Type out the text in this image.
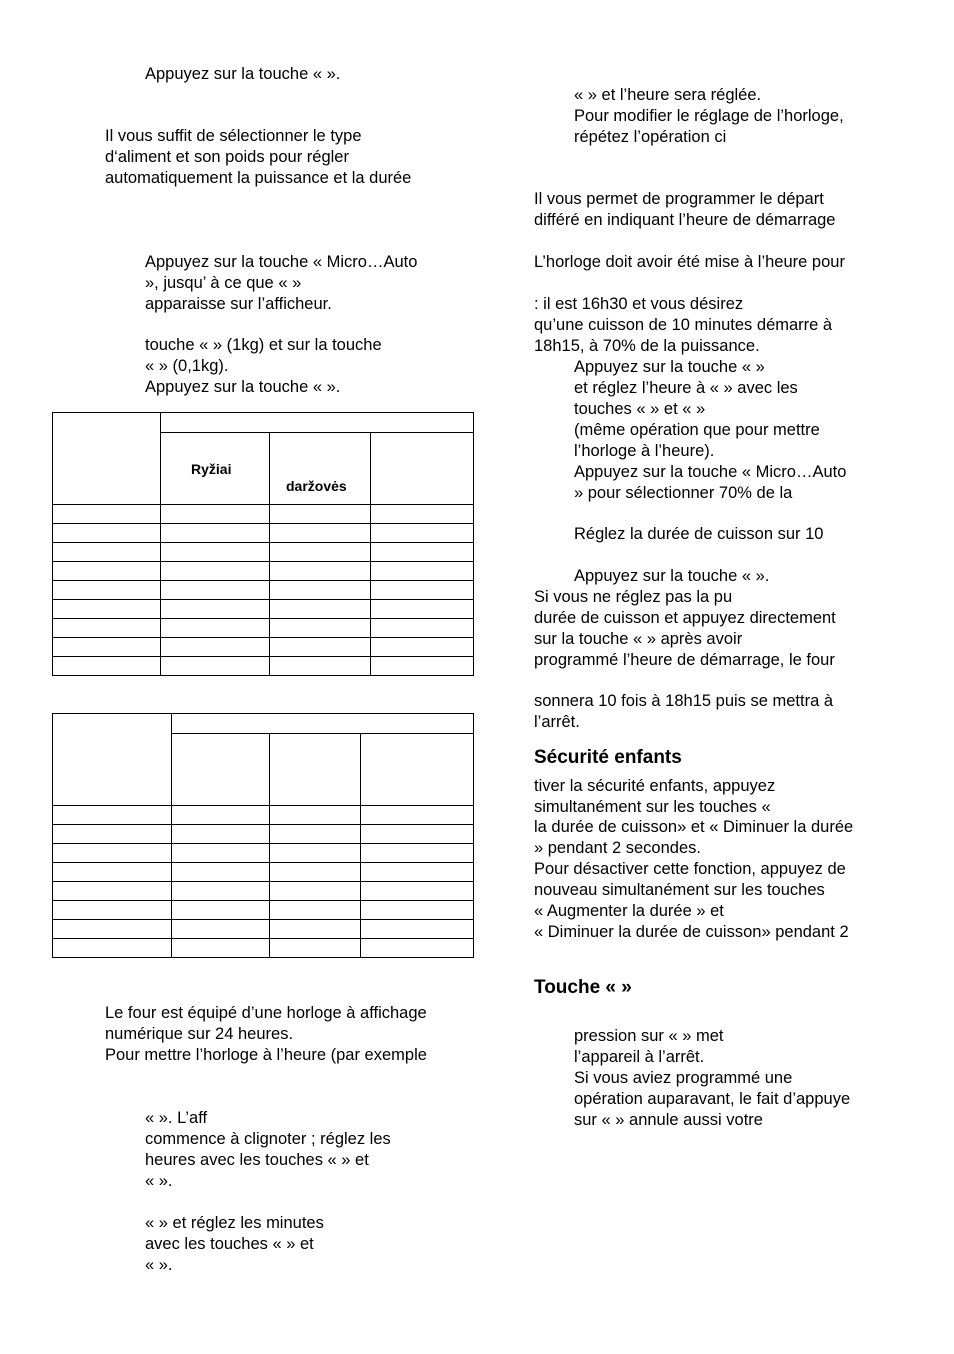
Appuyez sur la touche « ».
Il vous suffit de sélectionner le type
d‘aliment et son poids pour régler
automatiquement la puissance et la durée
Appuyez sur la touche « Micro…Auto
», jusqu’ à ce que « »
apparaisse sur l’afficheur.
touche « » (1kg) et sur la touche
« » (0,1kg).
Appuyez sur la touche « ».

	Ryžiai	daržovės	

Le four est équipé d’une horloge à affichage
numérique sur 24 heures.
Pour mettre l’horloge à l’heure (par exemple
« ». L’aff
commence à clignoter ; réglez les
heures avec les touches « » et
« ».
« » et réglez les minutes
avec les touches « » et
« ».
« » et l’heure sera réglée.
Pour modifier le réglage de l’horloge,
répétez l’opération ci
Il vous permet de programmer le départ
différé en indiquant l’heure de démarrage
L’horloge doit avoir été mise à l’heure pour
: il est 16h30 et vous désirez
qu’une cuisson de 10 minutes démarre à
18h15, à 70% de la puissance.
Appuyez sur la touche « »
et réglez l’heure à « » avec les
touches « » et « »
(même opération que pour mettre
l’horloge à l’heure).
Appuyez sur la touche « Micro…Auto
» pour sélectionner 70% de la
Réglez la durée de cuisson sur 10
Appuyez sur la touche « ».
Si vous ne réglez pas la pu
durée de cuisson et appuyez directement
sur la touche « » après avoir
programmé l’heure de démarrage, le four
sonnera 10 fois à 18h15 puis se mettra à
l’arrêt.
Sécurité enfants
tiver la sécurité enfants, appuyez
simultanément sur les touches «
la durée de cuisson» et « Diminuer la durée
» pendant 2 secondes.
Pour désactiver cette fonction, appuyez de
nouveau simultanément sur les touches
« Augmenter la durée » et
« Diminuer la durée de cuisson» pendant 2
Touche « »
pression sur « » met
l’appareil à l’arrêt.
Si vous aviez programmé une
opération auparavant, le fait d’appuye
sur « » annule aussi votre
